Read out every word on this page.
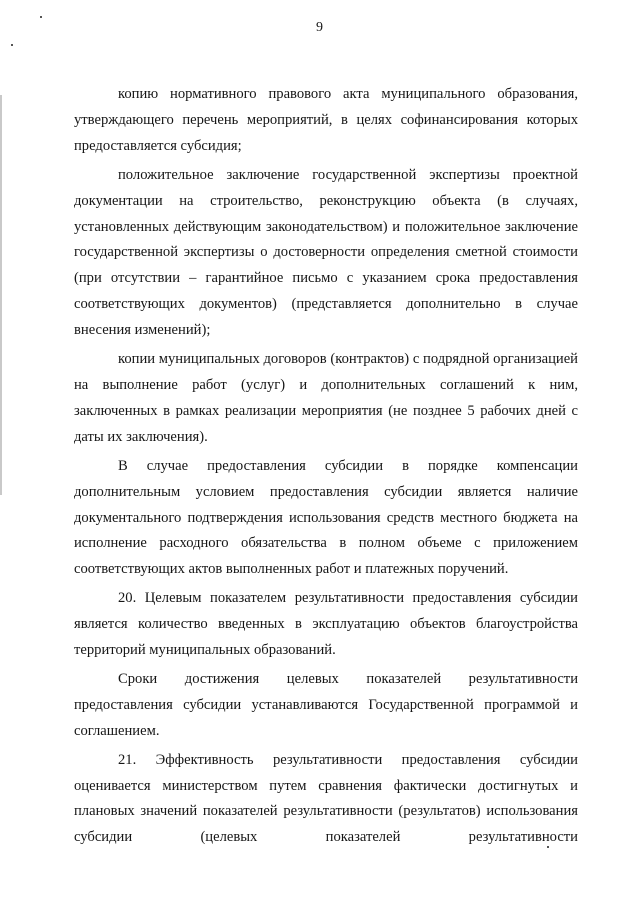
9

копию нормативного правового акта муниципального образования, утверждающего перечень мероприятий, в целях софинансирования которых предоставляется субсидия;

положительное заключение государственной экспертизы проектной документации на строительство, реконструкцию объекта (в случаях, установленных действующим законодательством) и положительное заключение государственной экспертизы о достоверности определения сметной стоимости (при отсутствии – гарантийное письмо с указанием срока предоставления соответствующих документов) (представляется дополнительно в случае внесения изменений);

копии муниципальных договоров (контрактов) с подрядной организацией на выполнение работ (услуг) и дополнительных соглашений к ним, заключенных в рамках реализации мероприятия (не позднее 5 рабочих дней с даты их заключения).

В случае предоставления субсидии в порядке компенсации дополнительным условием предоставления субсидии является наличие документального подтверждения использования средств местного бюджета на исполнение расходного обязательства в полном объеме с приложением соответствующих актов выполненных работ и платежных поручений.

20. Целевым показателем результативности предоставления субсидии является количество введенных в эксплуатацию объектов благоустройства территорий муниципальных образований.

Сроки достижения целевых показателей результативности предоставления субсидии устанавливаются Государственной программой и соглашением.

21. Эффективность результативности предоставления субсидии оценивается министерством путем сравнения фактически достигнутых и плановых значений показателей результативности (результатов) использования субсидии (целевых показателей результативности
